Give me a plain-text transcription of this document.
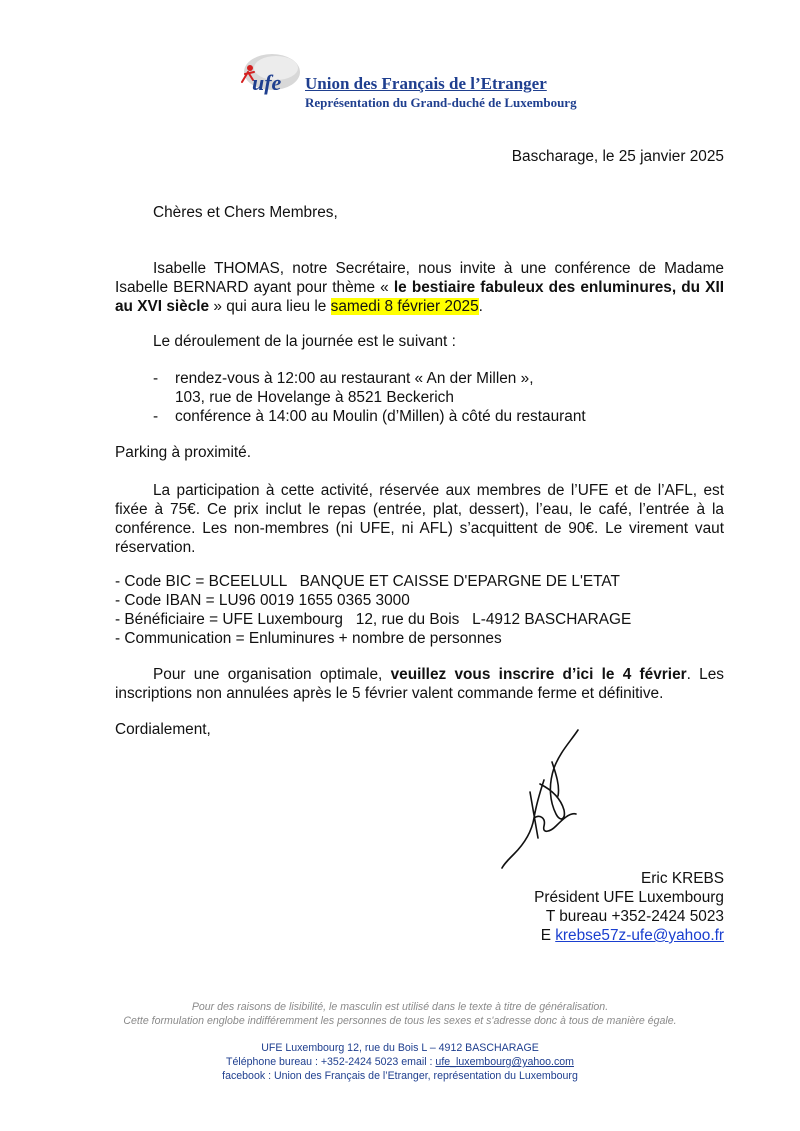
ufe Union des Français de l’Etranger

Représentation du Grand-duché de Luxembourg

Bascharage, le 25 janvier 2025

Chères et Chers Membres,

Isabelle THOMAS, notre Secrétaire, nous invite à une conférence de Madame Isabelle BERNARD ayant pour thème « le bestiaire fabuleux des enluminures, du XII au XVI siècle » qui aura lieu le samedi 8 février 2025.

Le déroulement de la journée est le suivant :

- rendez-vous à 12:00 au restaurant « An der Millen »,
103, rue de Hovelange à 8521 Beckerich
- conférence à 14:00 au Moulin (d’Millen) à côté du restaurant

Parking à proximité.

La participation à cette activité, réservée aux membres de l’UFE et de l’AFL, est fixée à 75€. Ce prix inclut le repas (entrée, plat, dessert), l’eau, le café, l’entrée à la conférence. Les non-membres (ni UFE, ni AFL) s’acquittent de 90€. Le virement vaut réservation.

- Code BIC = BCEELULL   BANQUE ET CAISSE D'EPARGNE DE L'ETAT
- Code IBAN = LU96 0019 1655 0365 3000
- Bénéficiaire = UFE Luxembourg   12, rue du Bois   L-4912 BASCHARAGE
- Communication = Enluminures + nombre de personnes

Pour une organisation optimale, veuillez vous inscrire d’ici le 4 février. Les inscriptions non annulées après le 5 février valent commande ferme et définitive.

Cordialement,

Eric KREBS
Président UFE Luxembourg
T bureau +352-2424 5023
E krebse57z-ufe@yahoo.fr
Pour des raisons de lisibilité, le masculin est utilisé dans le texte à titre de généralisation.
Cette formulation englobe indifféremment les personnes de tous les sexes et s'adresse donc à tous de manière égale.
UFE Luxembourg 12, rue du Bois L – 4912 BASCHARAGE
Téléphone bureau : +352-2424 5023 email : ufe_luxembourg@yahoo.com
facebook : Union des Français de l’Etranger, représentation du Luxembourg
